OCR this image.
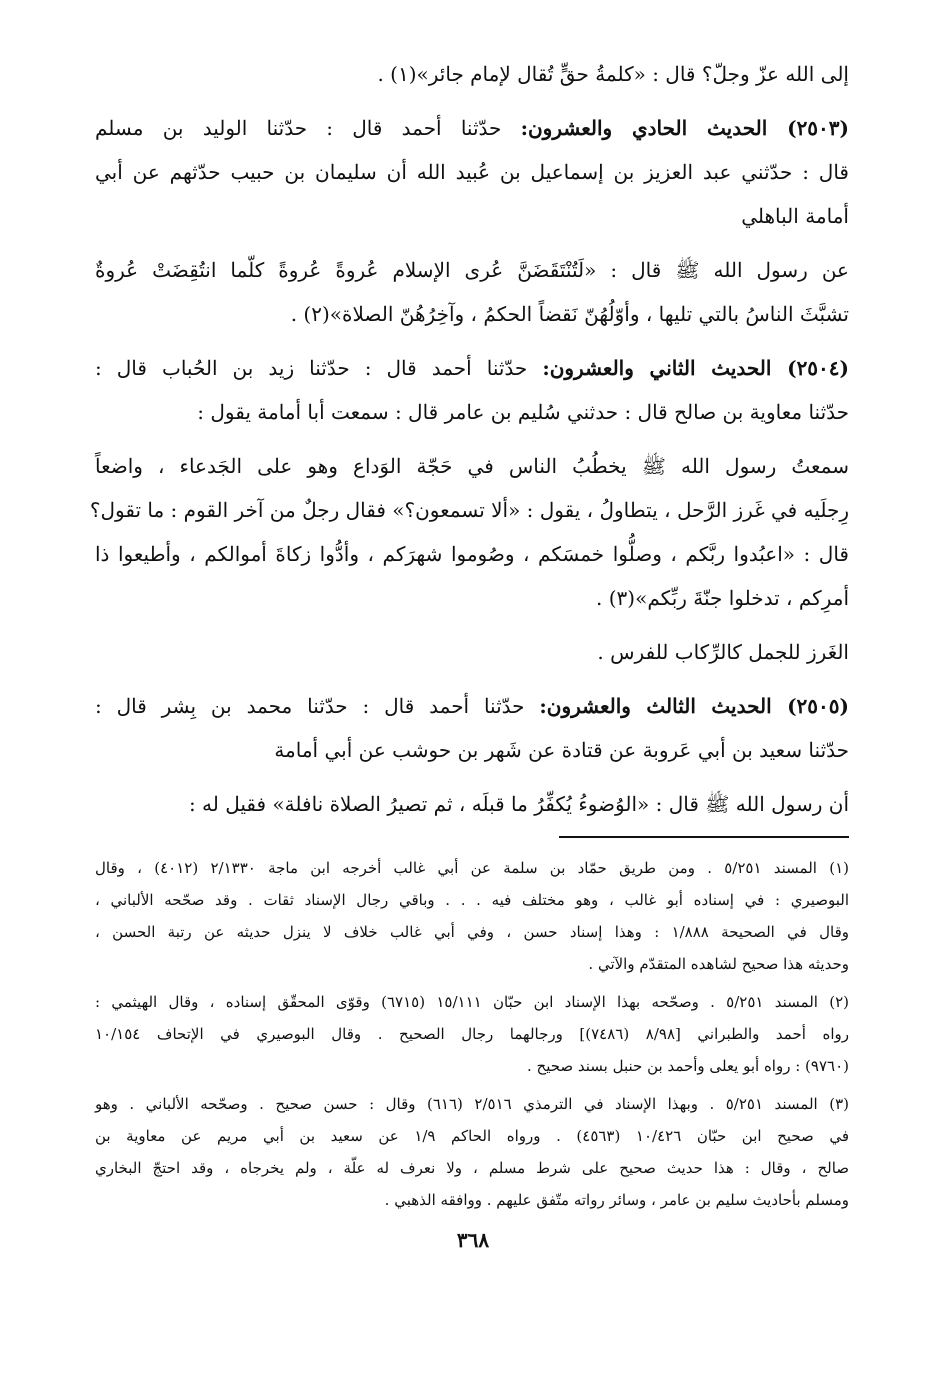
إلى الله عزّ وجلّ؟ قال : «كلمةُ حقٍّ تُقال لإمام جائر»(١) .
(٢٥٠٣) الحديث الحادي والعشرون: حدّثنا أحمد قال : حدّثنا الوليد بن مسلم
قال : حدّثني عبد العزيز بن إسماعيل بن عُبيد الله أن سليمان بن حبيب حدّثهم عن أبي
أمامة الباهلي
عن رسول الله ﷺ قال : «لَتُنْتَقَضَنَّ عُرى الإسلام عُروةً عُروةً كلّما انتُقِضَتْ عُروةٌ
تشبَّثَ الناسُ بالتي تليها ، وأوّلُهُنّ نَقضاً الحكمُ ، وآخِرُهُنّ الصلاة»(٢) .
(٢٥٠٤) الحديث الثاني والعشرون: حدّثنا أحمد قال : حدّثنا زيد بن الحُباب قال :
حدّثنا معاوية بن صالح قال : حدثني سُليم بن عامر قال : سمعت أبا أمامة يقول :
سمعتُ رسول الله ﷺ يخطُبُ الناس في حَجّة الوَداع وهو على الجَدعاء ، واضعاً
رِجلَيه في غَرز الرَّحل ، يتطاولُ ، يقول : «ألا تسمعون؟» فقال رجلٌ من آخر القوم : ما تقول؟
قال : «اعبُدوا ربَّكم ، وصلُّوا خمسَكم ، وصُوموا شهرَكم ، وأدُّوا زكاةَ أموالكم ، وأطيعوا ذا
أمرِكم ، تدخلوا جنّةَ ربِّكم»(٣) .
الغَرز للجمل كالرِّكاب للفرس .
(٢٥٠٥) الحديث الثالث والعشرون: حدّثنا أحمد قال : حدّثنا محمد بن بِشر قال :
حدّثنا سعيد بن أبي عَروبة عن قتادة عن شَهر بن حوشب عن أبي أمامة
أن رسول الله ﷺ قال : «الوُضوءُ يُكفِّرُ ما قبلَه ، ثم تصيرُ الصلاة نافلة» فقيل له :
(١) المسند ٥/٢٥١ . ومن طريق حمّاد بن سلمة عن أبي غالب أخرجه ابن ماجة ٢/١٣٣٠ (٤٠١٢) ، وقال
البوصيري : في إسناده أبو غالب ، وهو مختلف فيه . . . وباقي رجال الإسناد ثقات . وقد صحّحه الألباني ،
وقال في الصحيحة ١/٨٨٨ : وهذا إسناد حسن ، وفي أبي غالب خلاف لا ينزل حديثه عن رتبة الحسن ،
وحديثه هذا صحيح لشاهده المتقدّم والآتي .
(٢) المسند ٥/٢٥١ . وصحّحه بهذا الإسناد ابن حبّان ١٥/١١١ (٦٧١٥) وقوّى المحقّق إسناده ، وقال الهيثمي :
رواه أحمد والطبراني [٨/٩٨ (٧٤٨٦)] ورجالهما رجال الصحيح . وقال البوصيري في الإتحاف ١٠/١٥٤
(٩٧٦٠) : رواه أبو يعلى وأحمد بن حنبل بسند صحيح .
(٣) المسند ٥/٢٥١ . وبهذا الإسناد في الترمذي ٢/٥١٦ (٦١٦) وقال : حسن صحيح . وصحّحه الألباني . وهو
في صحيح ابن حبّان ١٠/٤٢٦ (٤٥٦٣) . ورواه الحاكم ١/٩ عن سعيد بن أبي مريم عن معاوية بن
صالح ، وقال : هذا حديث صحيح على شرط مسلم ، ولا نعرف له علّة ، ولم يخرجاه ، وقد احتجّ البخاري
ومسلم بأحاديث سليم بن عامر ، وسائر رواته متّفق عليهم . ووافقه الذهبي .
٣٦٨
